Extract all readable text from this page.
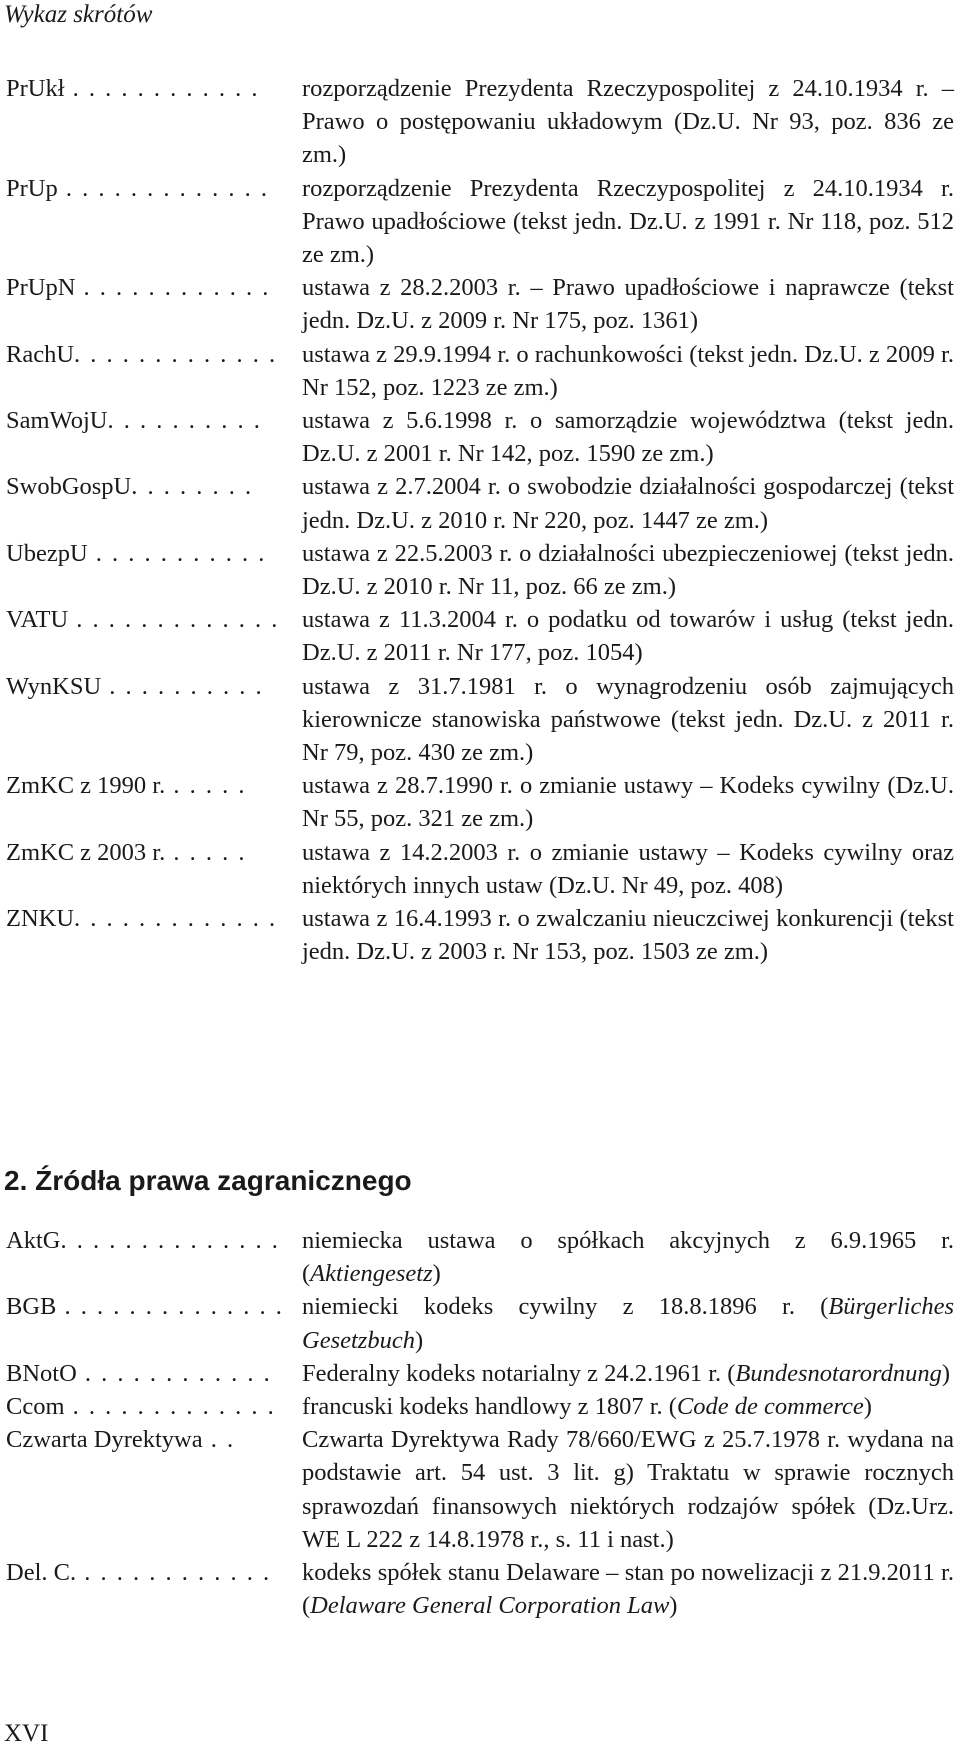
Wykaz skrótów
PrUkł . . . . . . . . . . . .	rozporządzenie Prezydenta Rzeczypospolitej z 24.10.1934 r. – Prawo o postępowaniu układowym (Dz.U. Nr 93, poz. 836 ze zm.)
PrUp . . . . . . . . . . . . .	rozporządzenie Prezydenta Rzeczypospolitej z 24.10.1934 r. Prawo upadłościowe (tekst jedn. Dz.U. z 1991 r. Nr 118, poz. 512 ze zm.)
PrUpN . . . . . . . . . . . .	ustawa z 28.2.2003 r. – Prawo upadłościowe i naprawcze (tekst jedn. Dz.U. z 2009 r. Nr 175, poz. 1361)
RachU. . . . . . . . . . . . .	ustawa z 29.9.1994 r. o rachunkowości (tekst jedn. Dz.U. z 2009 r. Nr 152, poz. 1223 ze zm.)
SamWojU. . . . . . . . . .	ustawa z 5.6.1998 r. o samorządzie województwa (tekst jedn. Dz.U. z 2001 r. Nr 142, poz. 1590 ze zm.)
SwobGospU. . . . . . . .	ustawa z 2.7.2004 r. o swobodzie działalności gospodarczej (tekst jedn. Dz.U. z 2010 r. Nr 220, poz. 1447 ze zm.)
UbezpU . . . . . . . . . . .	ustawa z 22.5.2003 r. o działalności ubezpieczeniowej (tekst jedn. Dz.U. z 2010 r. Nr 11, poz. 66 ze zm.)
VATU . . . . . . . . . . . . . ustawa z 11.3.2004 r. o podatku od towarów i usług (tekst jedn. Dz.U. z 2011 r. Nr 177, poz. 1054)
WynKSU . . . . . . . . . .	ustawa z 31.7.1981 r. o wynagrodzeniu osób zajmujących kierownicze stanowiska państwowe (tekst jedn. Dz.U. z 2011 r. Nr 79, poz. 430 ze zm.)
ZmKC z 1990 r. . . . . .	ustawa z 28.7.1990 r. o zmianie ustawy – Kodeks cywilny (Dz.U. Nr 55, poz. 321 ze zm.)
ZmKC z 2003 r. . . . . .	ustawa z 14.2.2003 r. o zmianie ustawy – Kodeks cywilny oraz niektórych innych ustaw (Dz.U. Nr 49, poz. 408)
ZNKU. . . . . . . . . . . . .	ustawa z 16.4.1993 r. o zwalczaniu nieuczciwej konkurencji (tekst jedn. Dz.U. z 2003 r. Nr 153, poz. 1503 ze zm.)
2. Źródła prawa zagranicznego
AktG. . . . . . . . . . . . . . niemiecka ustawa o spółkach akcyjnych z 6.9.1965 r. (Aktiengesetz)
BGB . . . . . . . . . . . . . . niemiecki kodeks cywilny z 18.8.1896 r. (Bürgerliches Gesetzbuch)
BNotO . . . . . . . . . . . .	Federalny kodeks notarialny z 24.2.1961 r. (Bundesnotarordnung)
Ccom . . . . . . . . . . . . .	francuski kodeks handlowy z 1807 r. (Code de commerce)
Czwarta Dyrektywa . .	Czwarta Dyrektywa Rady 78/660/EWG z 25.7.1978 r. wydana na podstawie art. 54 ust. 3 lit. g) Traktatu w sprawie rocznych sprawozdań finansowych niektórych rodzajów spółek (Dz.Urz. WE L 222 z 14.8.1978 r., s. 11 i nast.)
Del. C. . . . . . . . . . . . .	kodeks spółek stanu Delaware – stan po nowelizacji z 21.9.2011 r. (Delaware General Corporation Law)
XVI
